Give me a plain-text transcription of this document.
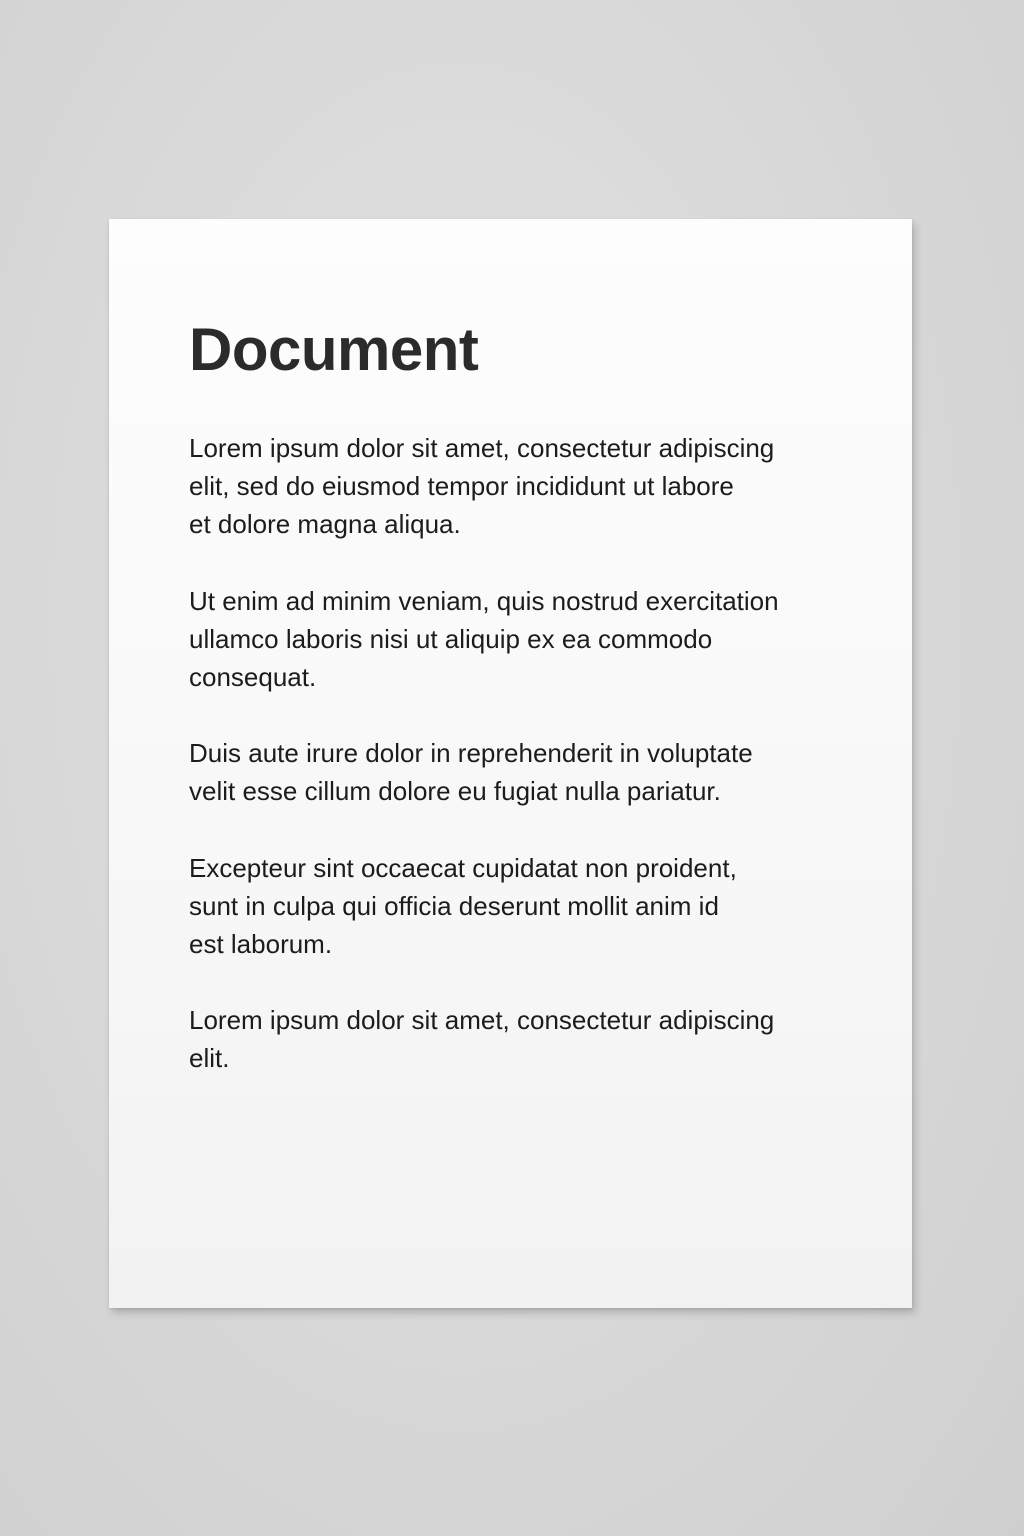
Document

Lorem ipsum dolor sit amet, consectetur adipiscing
elit, sed do eiusmod tempor incididunt ut labore
et dolore magna aliqua.

Ut enim ad minim veniam, quis nostrud exercitation
ullamco laboris nisi ut aliquip ex ea commodo
consequat.

Duis aute irure dolor in reprehenderit in voluptate
velit esse cillum dolore eu fugiat nulla pariatur.

Excepteur sint occaecat cupidatat non proident,
sunt in culpa qui officia deserunt mollit anim id
est laborum.

Lorem ipsum dolor sit amet, consectetur adipiscing
elit.
